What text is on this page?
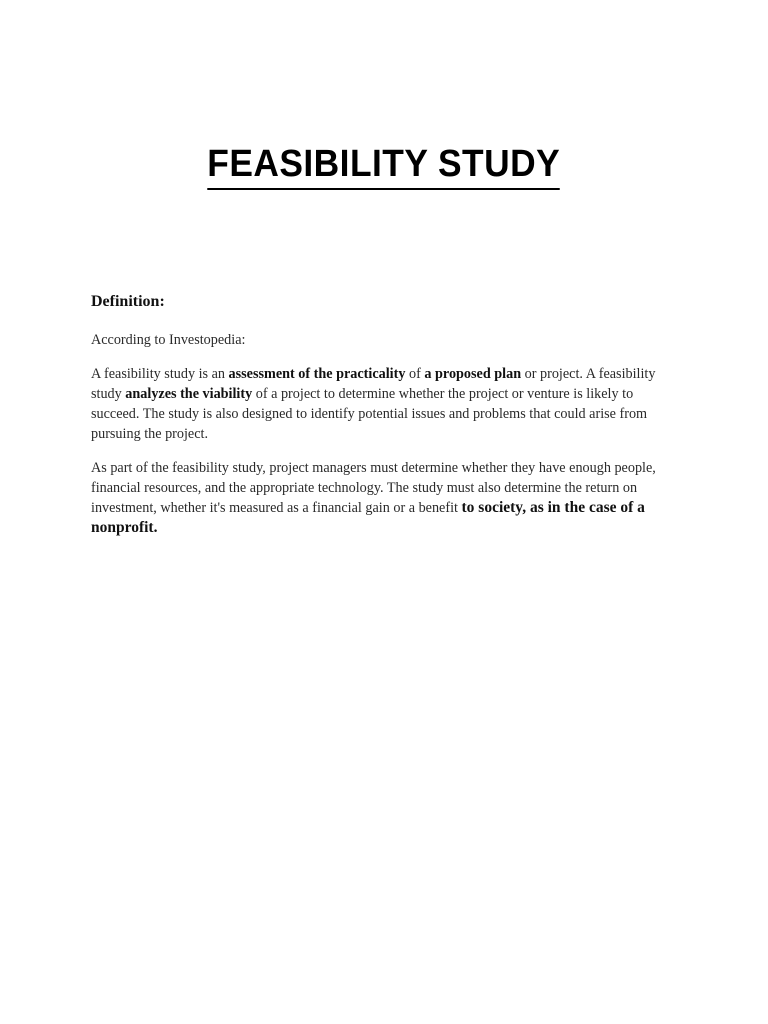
FEASIBILITY STUDY

Definition:

According to Investopedia:

A feasibility study is an assessment of the practicality of a proposed plan or project. A feasibility study analyzes the viability of a project to determine whether the project or venture is likely to succeed. The study is also designed to identify potential issues and problems that could arise from pursuing the project.

As part of the feasibility study, project managers must determine whether they have enough people, financial resources, and the appropriate technology. The study must also determine the return on investment, whether it's measured as a financial gain or a benefit to society, as in the case of a nonprofit.
